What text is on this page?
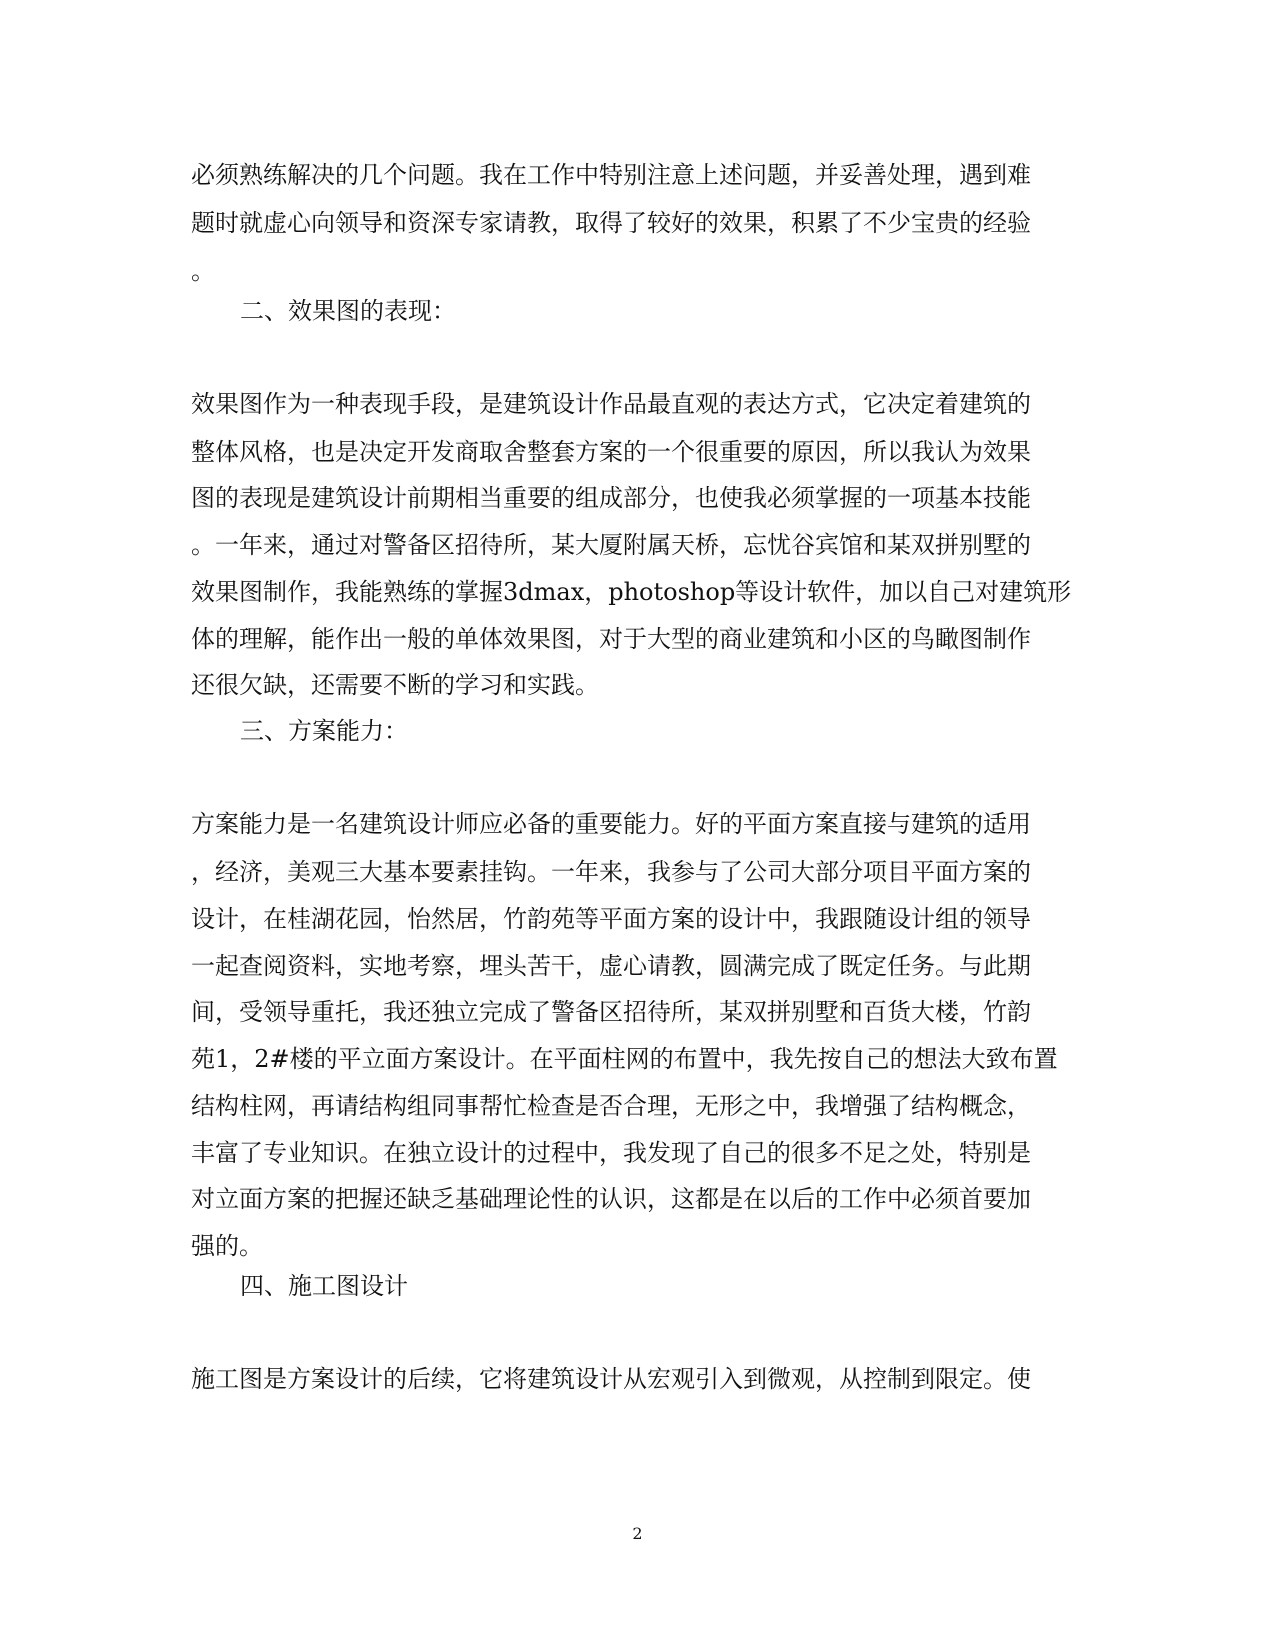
必须熟练解决的几个问题。我在工作中特别注意上述问题，并妥善处理，遇到难
题时就虚心向领导和资深专家请教，取得了较好的效果，积累了不少宝贵的经验
。
二、效果图的表现：
效果图作为一种表现手段，是建筑设计作品最直观的表达方式，它决定着建筑的
整体风格，也是决定开发商取舍整套方案的一个很重要的原因，所以我认为效果
图的表现是建筑设计前期相当重要的组成部分，也使我必须掌握的一项基本技能
。一年来，通过对警备区招待所，某大厦附属天桥，忘忧谷宾馆和某双拼别墅的
效果图制作，我能熟练的掌握3dmax，photoshop等设计软件，加以自己对建筑形
体的理解，能作出一般的单体效果图，对于大型的商业建筑和小区的鸟瞰图制作
还很欠缺，还需要不断的学习和实践。
三、方案能力：
方案能力是一名建筑设计师应必备的重要能力。好的平面方案直接与建筑的适用
，经济，美观三大基本要素挂钩。一年来，我参与了公司大部分项目平面方案的
设计，在桂湖花园，怡然居，竹韵苑等平面方案的设计中，我跟随设计组的领导
一起查阅资料，实地考察，埋头苦干，虚心请教，圆满完成了既定任务。与此期
间，受领导重托，我还独立完成了警备区招待所，某双拼别墅和百货大楼，竹韵
苑1，2#楼的平立面方案设计。在平面柱网的布置中，我先按自己的想法大致布置
结构柱网，再请结构组同事帮忙检查是否合理，无形之中，我增强了结构概念，
丰富了专业知识。在独立设计的过程中，我发现了自己的很多不足之处，特别是
对立面方案的把握还缺乏基础理论性的认识，这都是在以后的工作中必须首要加
强的。
四、施工图设计
施工图是方案设计的后续，它将建筑设计从宏观引入到微观，从控制到限定。使
2
